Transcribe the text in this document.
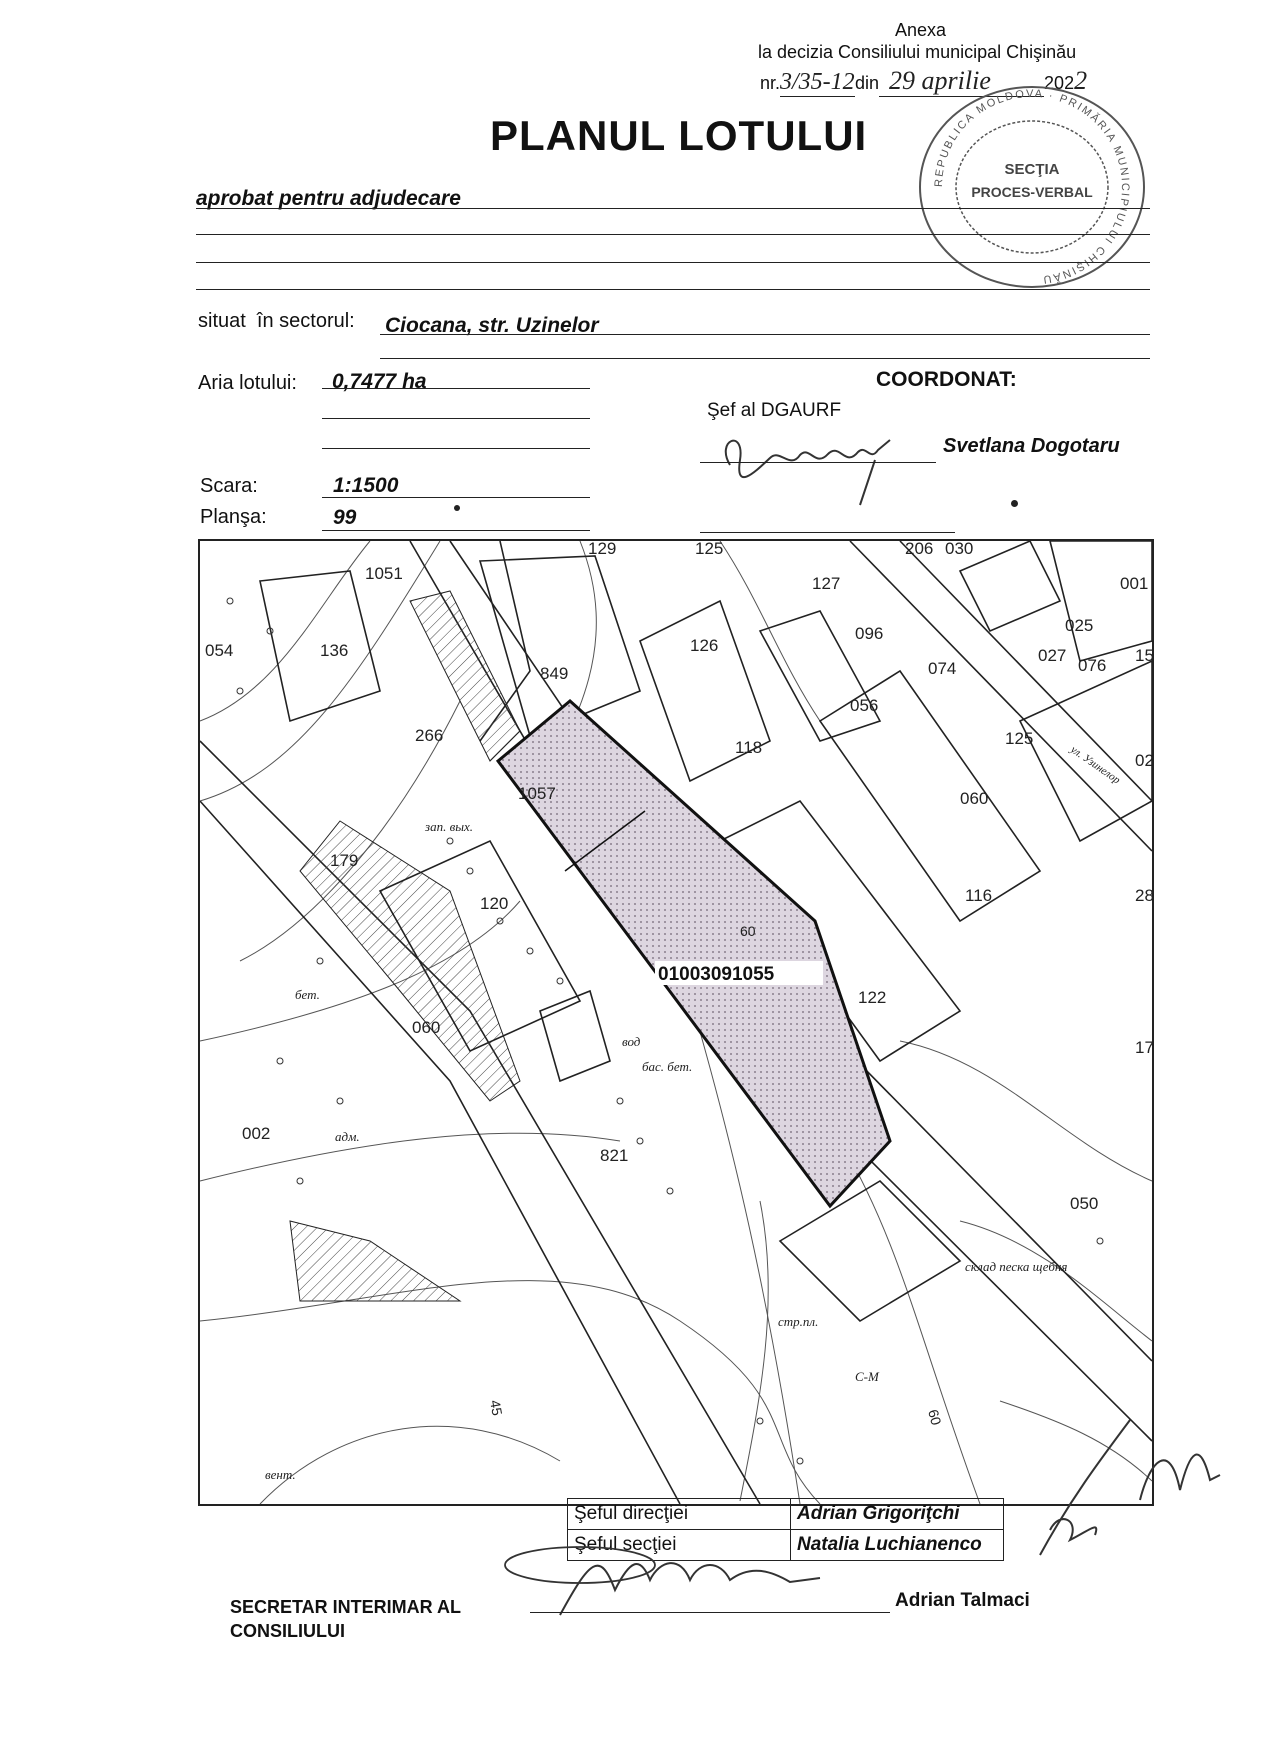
Anexa
la decizia Consiliului municipal Chişinău
nr.3/35-12din 29 aprilie	2022
REPUBLICA MOLDOVA · PRIMĂRIA MUNICIPIULUI CHIŞINĂU
SECŢIA
PROCES-VERBAL
PLANUL LOTULUI
aprobat pentru adjudecare
situat  în sectorul: Ciocana, str. Uzinelor
Aria lotului: 0,7477 ha	COORDONAT:
Şef al DGAURF
Svetlana Dogotaru
Scara:	1:1500
Planşa:	99
129	125	206 030
1051
127	001
136
054
849
126
096	025
027
076
15
074
056
266
118	125
02
1057	060
179
120	116	28
122
17
060
002
821
050
45
60
60
01003091055
склад песка щебня
адм.
зап. вых.
бет.
С-М
стр.пл.
вент.
бас. бет.
вод
ул. Узинелор
Şeful direcţiei	Adrian Grigoriţchi
Şeful secţiei	Natalia Luchianenco
SECRETAR INTERIMAR AL CONSILIULUI
Adrian Talmaci
